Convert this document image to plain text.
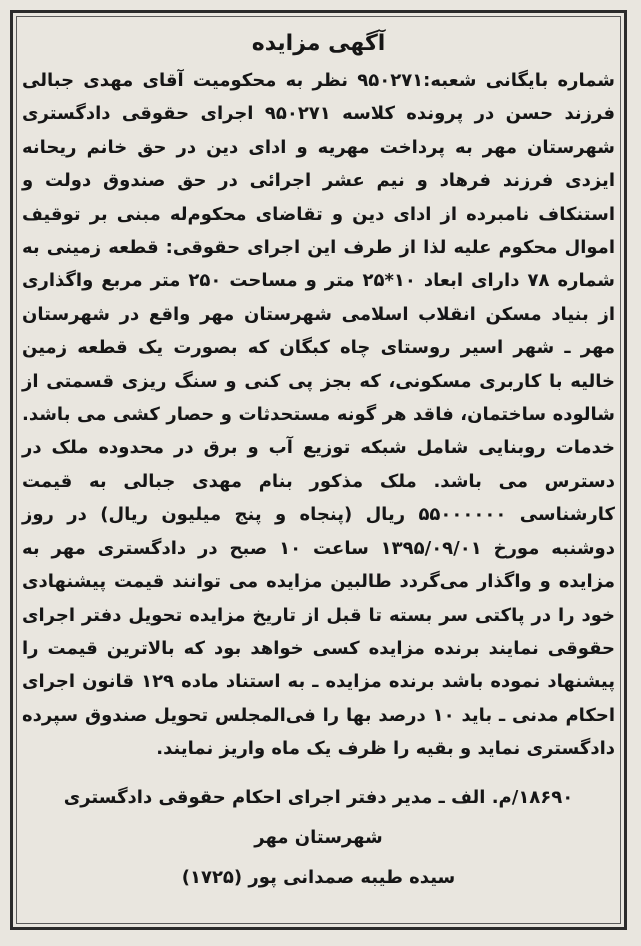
آگهی مزایده

شماره بایگانی شعبه:۹۵۰۲۷۱ نظر به محکومیت آقای مهدی جبالی فرزند حسن در پرونده کلاسه ۹۵۰۲۷۱ اجرای حقوقی دادگستری شهرستان مهر به پرداخت مهریه و ادای دین در حق خانم ریحانه ایزدی فرزند فرهاد و نیم عشر اجرائی در حق صندوق دولت و استنکاف نامبرده از ادای دین و تقاضای محکوم‌له مبنی بر توقیف اموال محکوم علیه لذا از طرف این اجرای حقوقی: قطعه زمینی به شماره ۷۸ دارای ابعاد ۱۰*۲۵ متر و مساحت ۲۵۰ متر مربع واگذاری از بنیاد مسکن انقلاب اسلامی شهرستان مهر واقع در شهرستان مهر ـ شهر اسیر روستای چاه کبگان که بصورت یک قطعه زمین خالیه با کاربری مسکونی، که بجز پی کنی و سنگ ریزی قسمتی از شالوده ساختمان، فاقد هر گونه مستحدثات و حصار کشی می باشد. خدمات روبنایی شامل شبکه توزیع آب و برق در محدوده ملک در دسترس می باشد. ملک مذکور بنام مهدی جبالی به قیمت کارشناسی ۵۵۰۰۰۰۰۰ ریال (پنجاه و پنج میلیون ریال) در روز دوشنبه مورخ ۱۳۹۵/۰۹/۰۱ ساعت ۱۰ صبح در دادگستری مهر به مزایده و واگذار می‌گردد طالبین مزایده می توانند قیمت پیشنهادی خود را در پاکتی سر بسته تا قبل از تاریخ مزایده تحویل دفتر اجرای حقوقی نمایند برنده مزایده کسی خواهد بود که بالاترین قیمت را پیشنهاد نموده باشد برنده مزایده ـ به استناد ماده ۱۲۹ قانون اجرای احکام مدنی ـ باید ۱۰ درصد بها را فی‌المجلس تحویل صندوق سپرده دادگستری نماید و بقیه را ظرف یک ماه واریز نمایند.

۱۸۶۹۰/م. الف ـ مدیر دفتر اجرای احکام حقوقی دادگستری شهرستان مهر
سیده طیبه صمدانی پور (۱۷۲۵)
